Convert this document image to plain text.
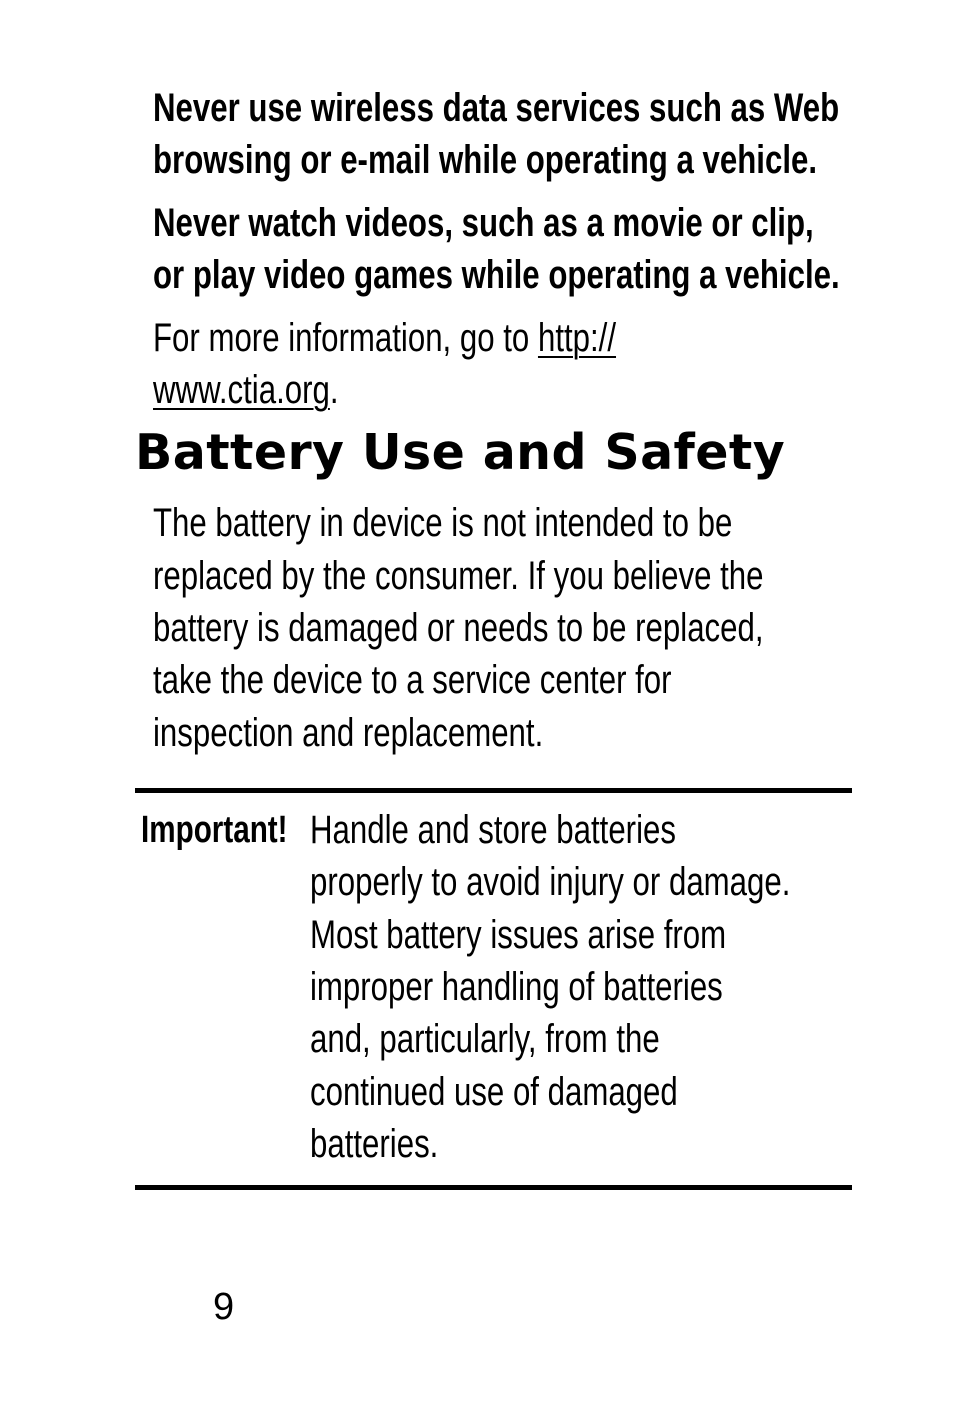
Never use wireless data services such as Web
browsing or e-mail while operating a vehicle.
Never watch videos, such as a movie or clip,
or play video games while operating a vehicle.
For more information, go to http://
www.ctia.org.
Battery Use and Safety
The battery in device is not intended to be
replaced by the consumer. If you believe the
battery is damaged or needs to be replaced,
take the device to a service center for
inspection and replacement.
Important! Handle and store batteries
properly to avoid injury or damage.
Most battery issues arise from
improper handling of batteries
and, particularly, from the
continued use of damaged
batteries.
9
